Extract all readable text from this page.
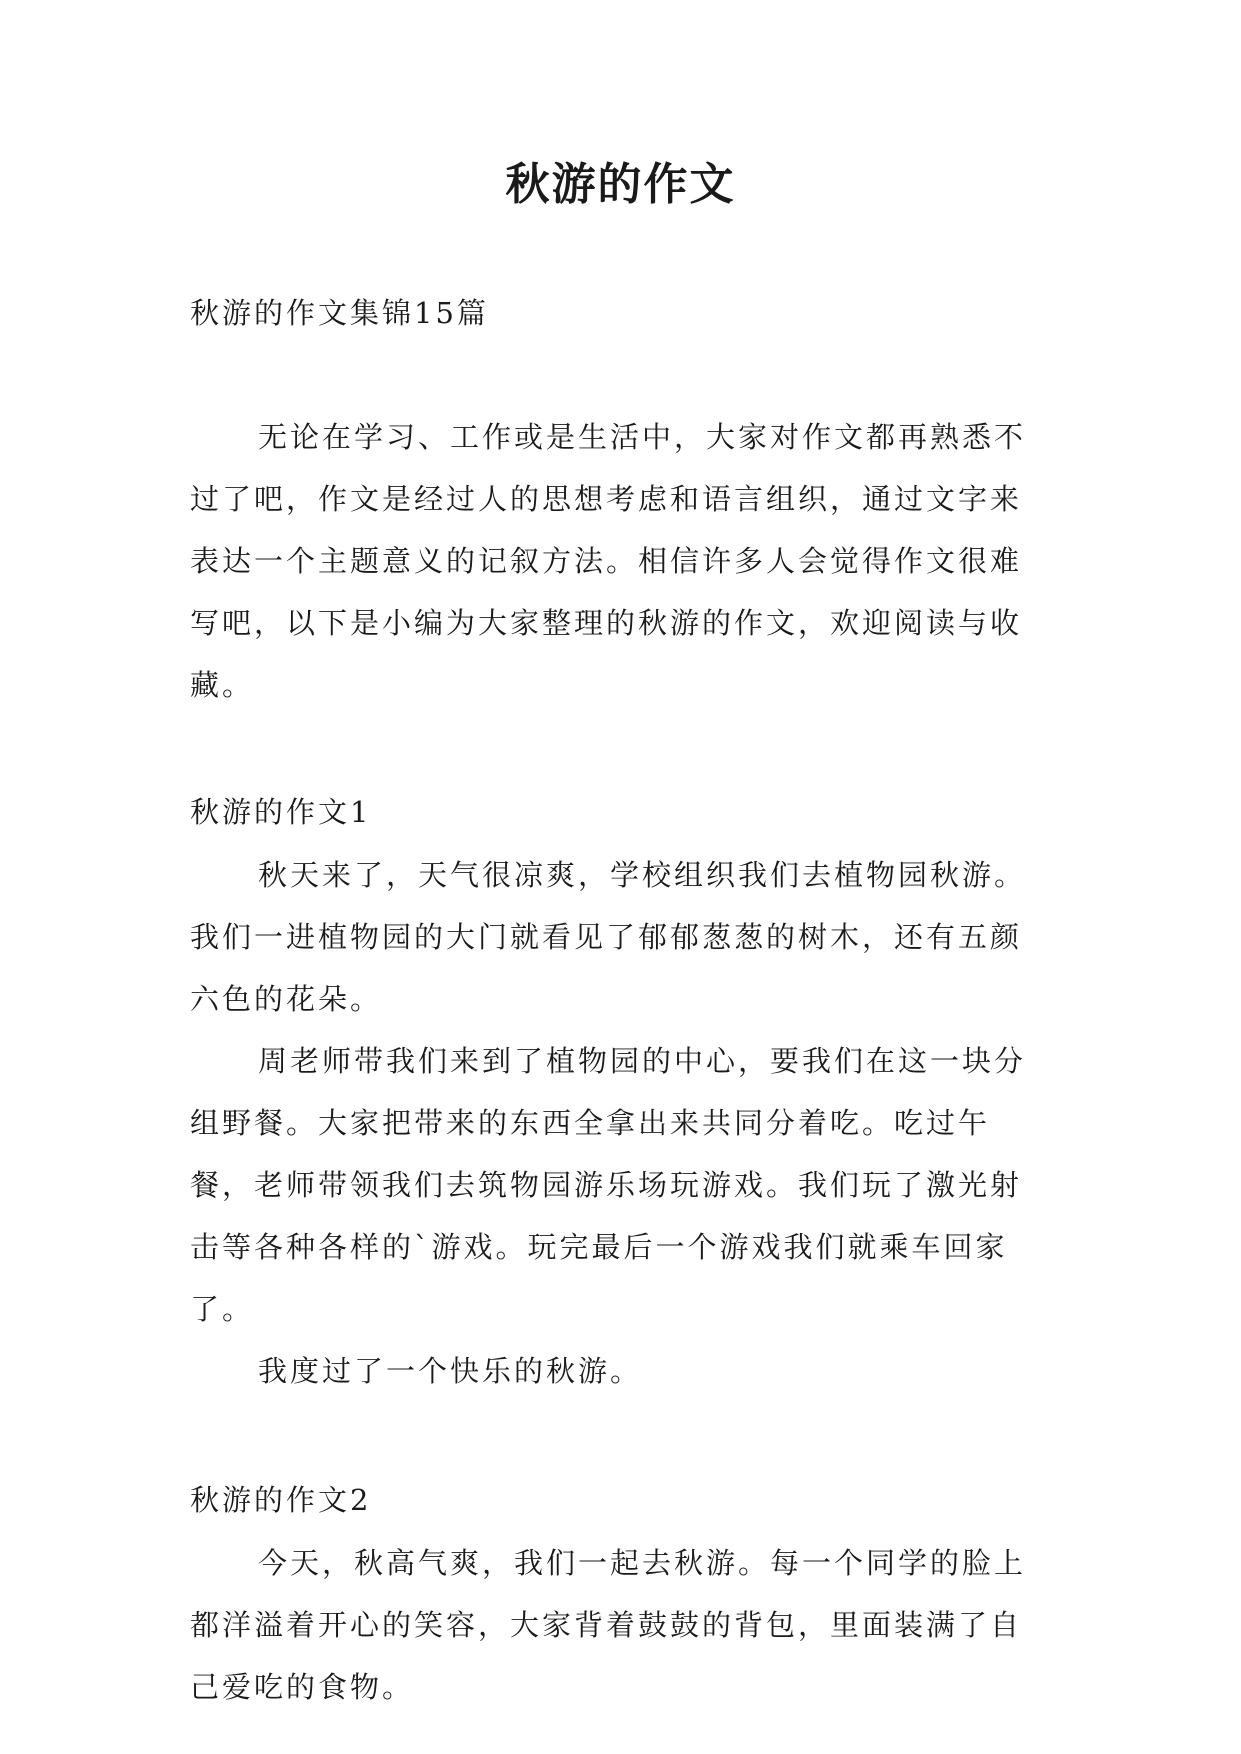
秋游的作文

秋游的作文集锦15篇

无论在学习、工作或是生活中，大家对作文都再熟悉不过了吧，作文是经过人的思想考虑和语言组织，通过文字来表达一个主题意义的记叙方法。相信许多人会觉得作文很难写吧，以下是小编为大家整理的秋游的作文，欢迎阅读与收藏。

秋游的作文1

秋天来了，天气很凉爽，学校组织我们去植物园秋游。我们一进植物园的大门就看见了郁郁葱葱的树木，还有五颜六色的花朵。

周老师带我们来到了植物园的中心，要我们在这一块分组野餐。大家把带来的东西全拿出来共同分着吃。吃过午餐，老师带领我们去筑物园游乐场玩游戏。我们玩了激光射击等各种各样的`游戏。玩完最后一个游戏我们就乘车回家了。

我度过了一个快乐的秋游。

秋游的作文2

今天，秋高气爽，我们一起去秋游。每一个同学的脸上都洋溢着开心的笑容，大家背着鼓鼓的背包，里面装满了自己爱吃的食物。
